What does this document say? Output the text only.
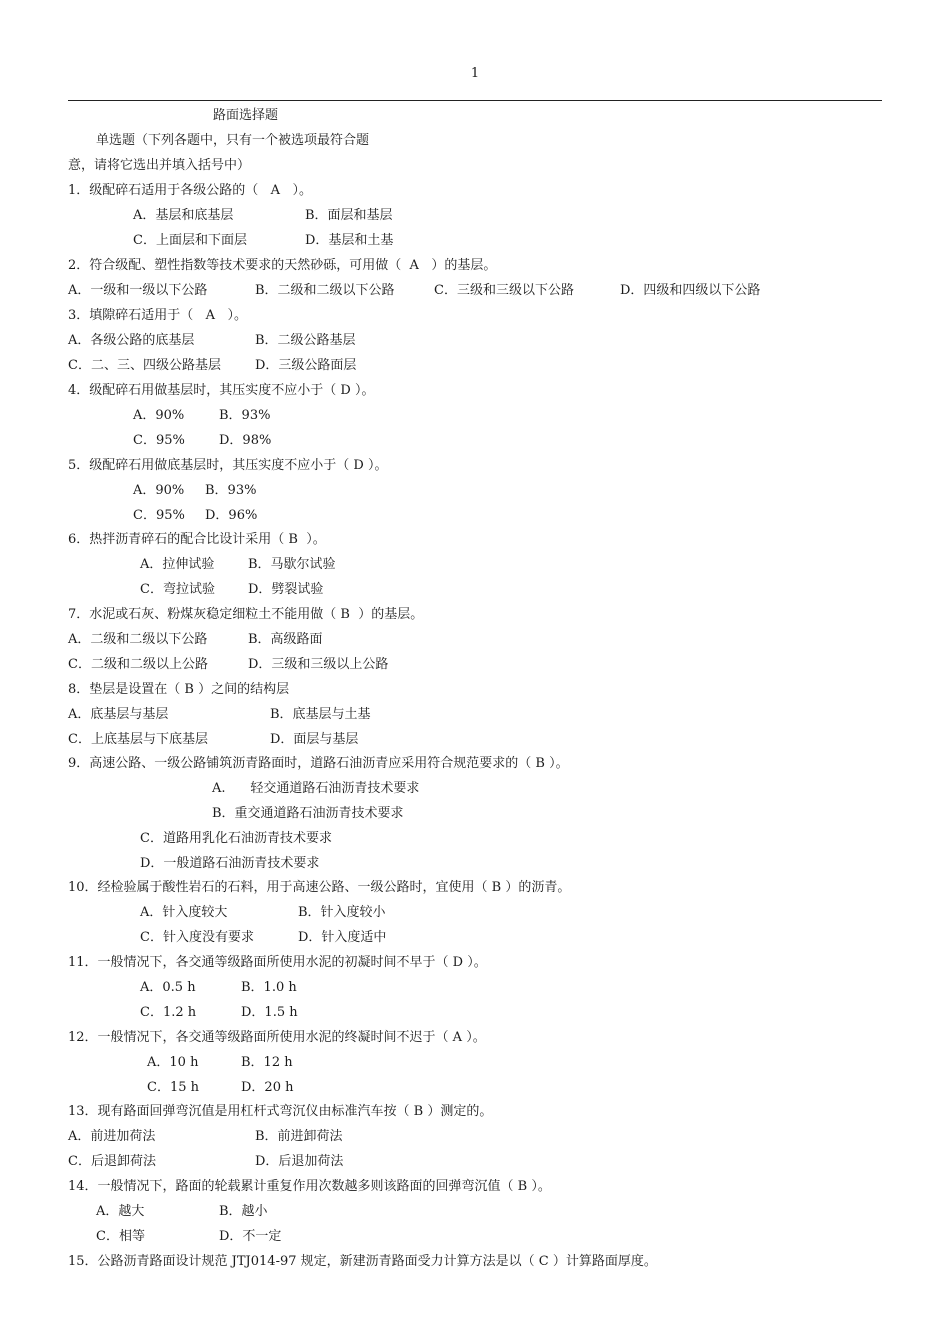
1
路面选择题
单选题（下列各题中，只有一个被选项最符合题
意，请将它选出并填入括号中）
1．级配碎石适用于各级公路的（   A   ）。
A．基层和底基层	B．面层和基层
C．上面层和下面层	D．基层和土基
2．符合级配、塑性指数等技术要求的天然砂砾，可用做（  A   ）的基层。
A．一级和一级以下公路	B．二级和二级以下公路	C．三级和三级以下公路	D．四级和四级以下公路
3．填隙碎石适用于（   A   ）。
A．各级公路的底基层	B．二级公路基层
C．二、三、四级公路基层	D．三级公路面层
4．级配碎石用做基层时，其压实度不应小于（ D ）。
A．90%	B．93%
C．95%	D．98%
5．级配碎石用做底基层时，其压实度不应小于（ D ）。
A．90% B．93%
C．95% D．96%
6．热拌沥青碎石的配合比设计采用（ B  ）。
A．拉伸试验	B．马歇尔试验
C．弯拉试验	D．劈裂试验
7．水泥或石灰、粉煤灰稳定细粒土不能用做（ B  ）的基层。
A．二级和二级以下公路	B．高级路面
C．二级和二级以上公路	D．三级和三级以上公路
8．垫层是设置在（ B ）之间的结构层
A．底基层与基层	B．底基层与土基
C．上底基层与下底基层	D．面层与基层
9．高速公路、一级公路铺筑沥青路面时，道路石油沥青应采用符合规范要求的（ B ）。
A.      轻交通道路石油沥青技术要求
B．重交通道路石油沥青技术要求
C．道路用乳化石油沥青技术要求
D．一般道路石油沥青技术要求
10．经检验属于酸性岩石的石料，用于高速公路、一级公路时，宜使用（ B ）的沥青。
A．针入度较大	B．针入度较小
C．针入度没有要求	D．针入度适中
11．一般情况下，各交通等级路面所使用水泥的初凝时间不早于（ D ）。
A．0.5 h	B．1.0 h
C．1.2 h	D．1.5 h
12．一般情况下，各交通等级路面所使用水泥的终凝时间不迟于（ A ）。
A．10 h	B．12 h
C．15 h	D．20 h
13．现有路面回弹弯沉值是用杠杆式弯沉仪由标准汽车按（ B ）测定的。
A．前进加荷法	B．前进卸荷法
C．后退卸荷法	D．后退加荷法
14．一般情况下，路面的轮载累计重复作用次数越多则该路面的回弹弯沉值（ B ）。
A．越大	B．越小
C．相等	D．不一定
15．公路沥青路面设计规范 JTJ014-97 规定，新建沥青路面受力计算方法是以（ C ）计算路面厚度。
